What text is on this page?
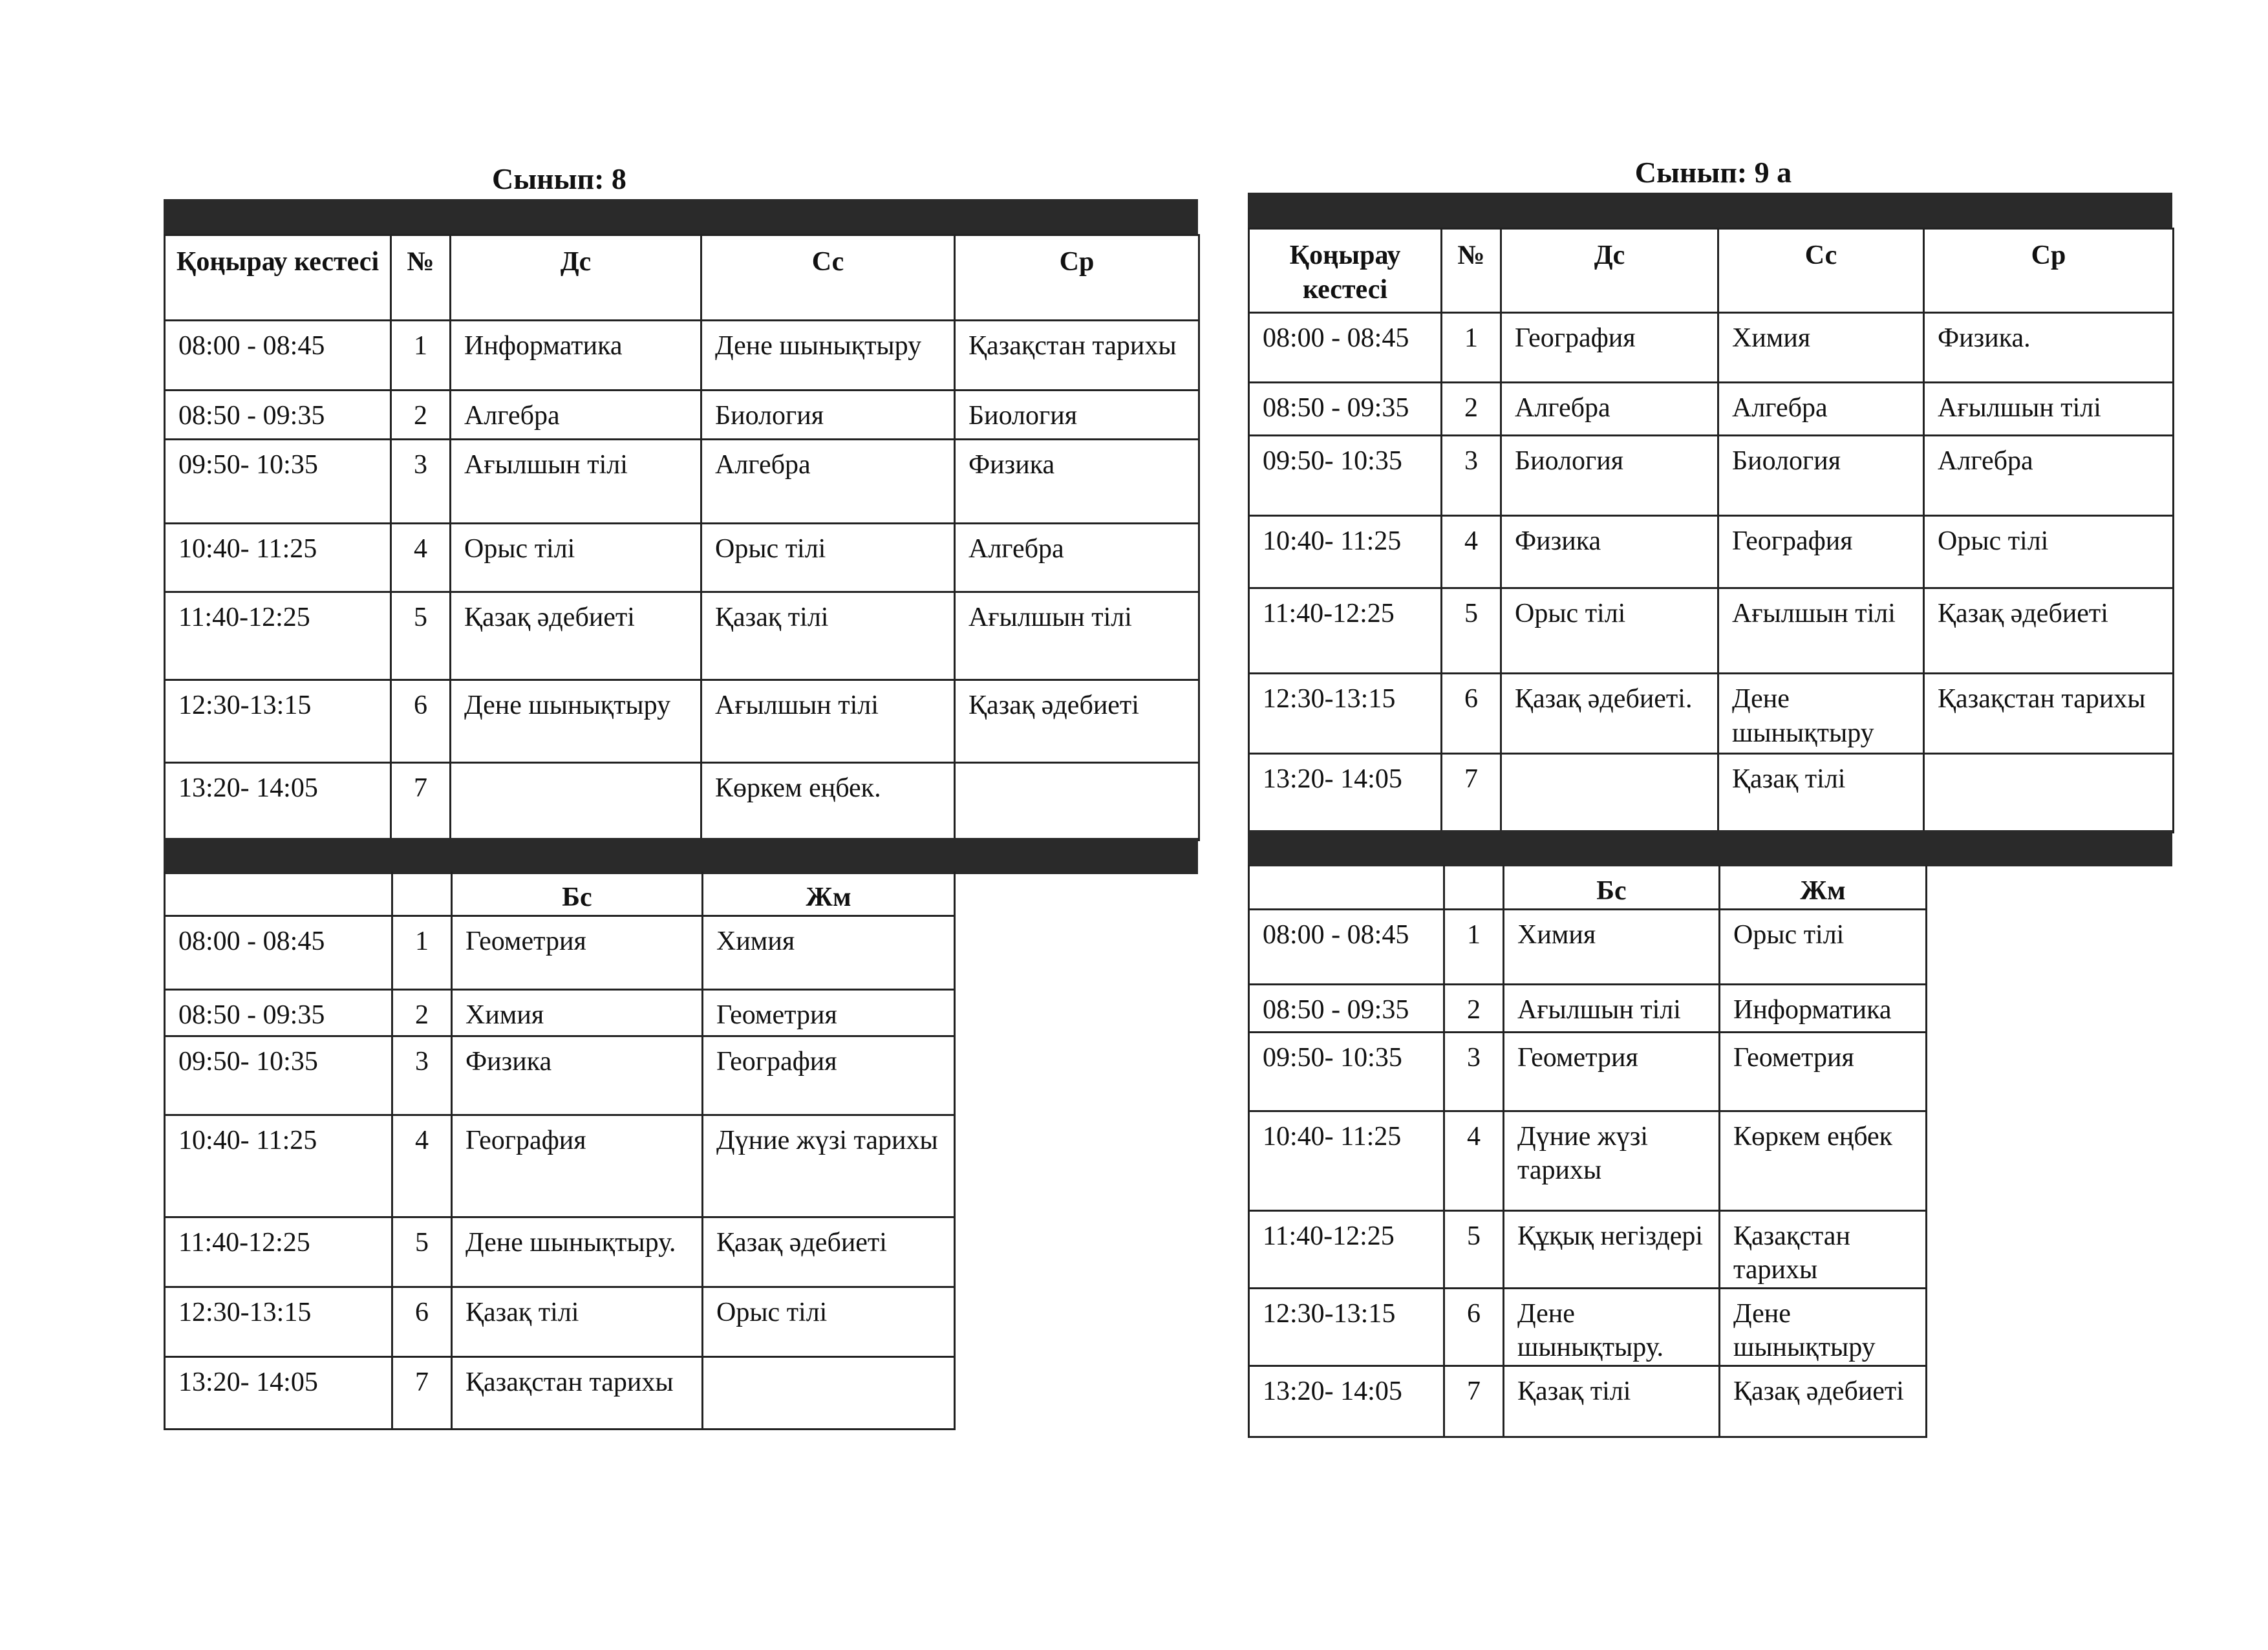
Сынып: 8
Қоңырау кестесі	№	Дс	Сс	Ср
08:00 - 08:45	1	Информатика	Дене шынықтыру	Қазақстан тарихы
08:50 - 09:35	2	Алгебра	Биология	Биология
09:50- 10:35	3	Ағылшын тілі	Алгебра	Физика
10:40- 11:25	4	Орыс тілі	Орыс тілі	Алгебра
11:40-12:25	5	Қазақ әдебиеті	Қазақ тілі	Ағылшын тілі
12:30-13:15	6	Дене шынықтыру	Ағылшын тілі	Қазақ әдебиеті
13:20- 14:05	7		Көркем еңбек.	
		Бс	Жм
08:00 - 08:45	1	Геометрия	Химия
08:50 - 09:35	2	Химия	Геометрия
09:50- 10:35	3	Физика	География
10:40- 11:25	4	География	Дүние жүзі тарихы
11:40-12:25	5	Дене шынықтыру.	Қазақ әдебиеті
12:30-13:15	6	Қазақ тілі	Орыс тілі
13:20- 14:05	7	Қазақстан тарихы	
Сынып: 9 а
Қоңырау кестесі	№	Дс	Сс	Ср
08:00 - 08:45	1	География	Химия	Физика.
08:50 - 09:35	2	Алгебра	Алгебра	Ағылшын тілі
09:50- 10:35	3	Биология	Биология	Алгебра
10:40- 11:25	4	Физика	География	Орыс тілі
11:40-12:25	5	Орыс тілі	Ағылшын тілі	Қазақ әдебиеті
12:30-13:15	6	Қазақ әдебиеті.	Дене шынықтыру	Қазақстан тарихы
13:20- 14:05	7		Қазақ тілі	
		Бс	Жм
08:00 - 08:45	1	Химия	Орыс тілі
08:50 - 09:35	2	Ағылшын тілі	Информатика
09:50- 10:35	3	Геометрия	Геометрия
10:40- 11:25	4	Дүние жүзі тарихы	Көркем еңбек
11:40-12:25	5	Құқық негіздері	Қазақстан тарихы
12:30-13:15	6	Дене шынықтыру.	Дене шынықтыру
13:20- 14:05	7	Қазақ тілі	Қазақ әдебиеті
